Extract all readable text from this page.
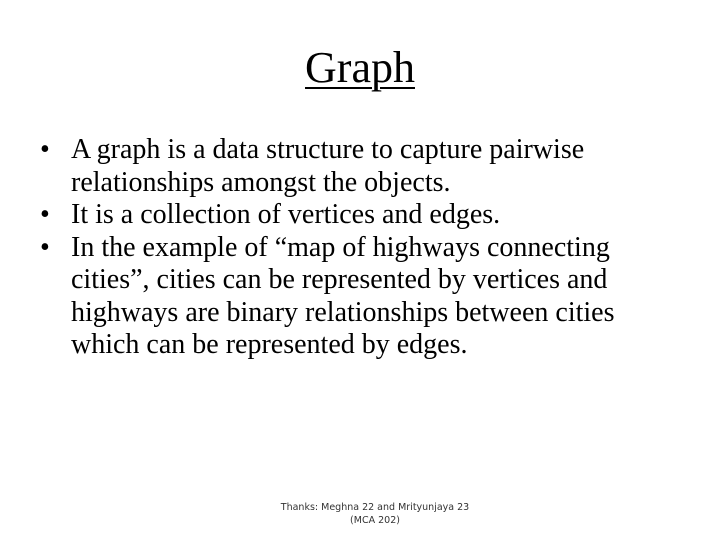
Graph
• A graph is a data structure to capture pairwise relationships amongst the objects.
• It is a collection of vertices and edges.
• In the example of “map of highways connecting cities”, cities can be represented by vertices and highways are binary relationships between cities which can be represented by edges.
Thanks: Meghna 22 and Mrityunjaya 23
(MCA 202)
